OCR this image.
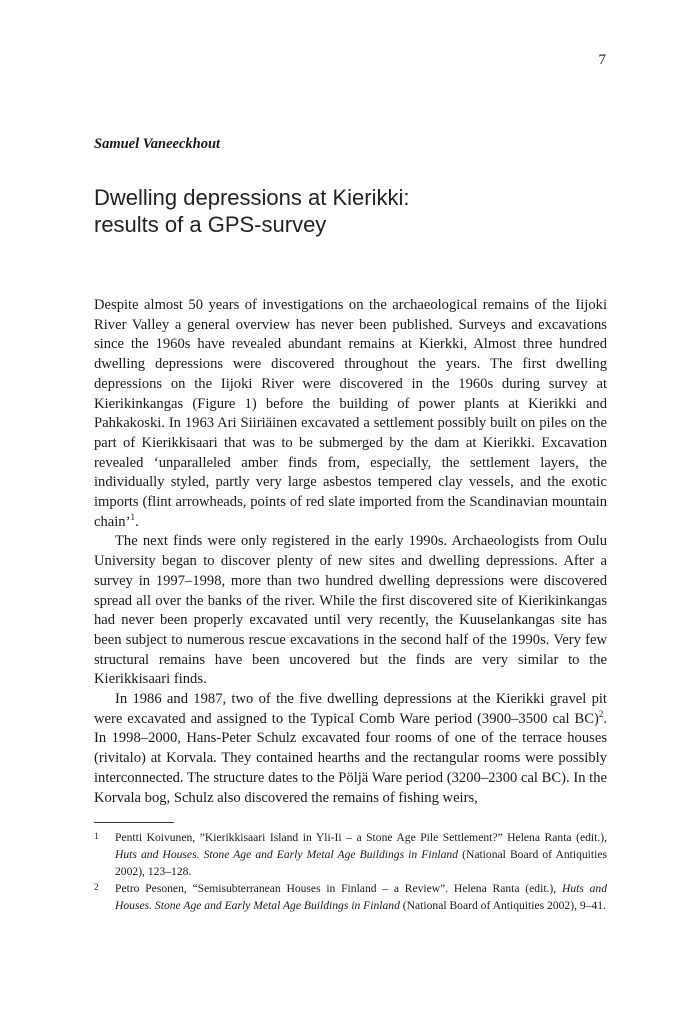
7
Samuel Vaneeckhout
Dwelling depressions at Kierikki:
results of a GPS-survey

Despite almost 50 years of investigations on the archaeological remains of the Iijoki River Valley a general overview has never been published. Surveys and excavations since the 1960s have revealed abundant remains at Kierkki, Almost three hundred dwelling depressions were discovered throughout the years. The first dwelling depressions on the Iijoki River were discovered in the 1960s during survey at Kierikinkangas (Figure 1) before the building of power plants at Kierikki and Pahkakoski. In 1963 Ari Siiriäinen excavated a settlement possibly built on piles on the part of Kierikkisaari that was to be submerged by the dam at Kierikki. Excavation revealed ‘unparalleled amber finds from, especially, the settlement layers, the individually styled, partly very large asbestos tempered clay vessels, and the exotic imports (flint arrowheads, points of red slate imported from the Scandinavian mountain chain’$^1$.

The next finds were only registered in the early 1990s. Archaeologists from Oulu University began to discover plenty of new sites and dwelling depressions. After a survey in 1997–1998, more than two hundred dwelling depressions were discovered spread all over the banks of the river. While the first discovered site of Kierikinkangas had never been properly excavated until very recently, the Kuuselankangas site has been subject to numerous rescue excavations in the second half of the 1990s. Very few structural remains have been uncovered but the finds are very similar to the Kierikkisaari finds.

In 1986 and 1987, two of the five dwelling depressions at the Kierikki gravel pit were excavated and assigned to the Typical Comb Ware period (3900–3500 cal BC)$^2$. In 1998–2000, Hans-Peter Schulz excavated four rooms of one of the terrace houses (rivitalo) at Korvala. They contained hearths and the rectangular rooms were possibly interconnected. The structure dates to the Pöljä Ware period (3200–2300 cal BC). In the Korvala bog, Schulz also discovered the remains of fishing weirs,

1 Pentti Koivunen, ”Kierikkisaari Island in Yli-Ii – a Stone Age Pile Settlement?” Helena Ranta (edit.), Huts and Houses. Stone Age and Early Metal Age Buildings in Finland (National Board of Antiquities 2002), 123–128.
2 Petro Pesonen, “Semisubterranean Houses in Finland – a Review”. Helena Ranta (edit.), Huts and Houses. Stone Age and Early Metal Age Buildings in Finland (National Board of Antiquities 2002), 9–41.
